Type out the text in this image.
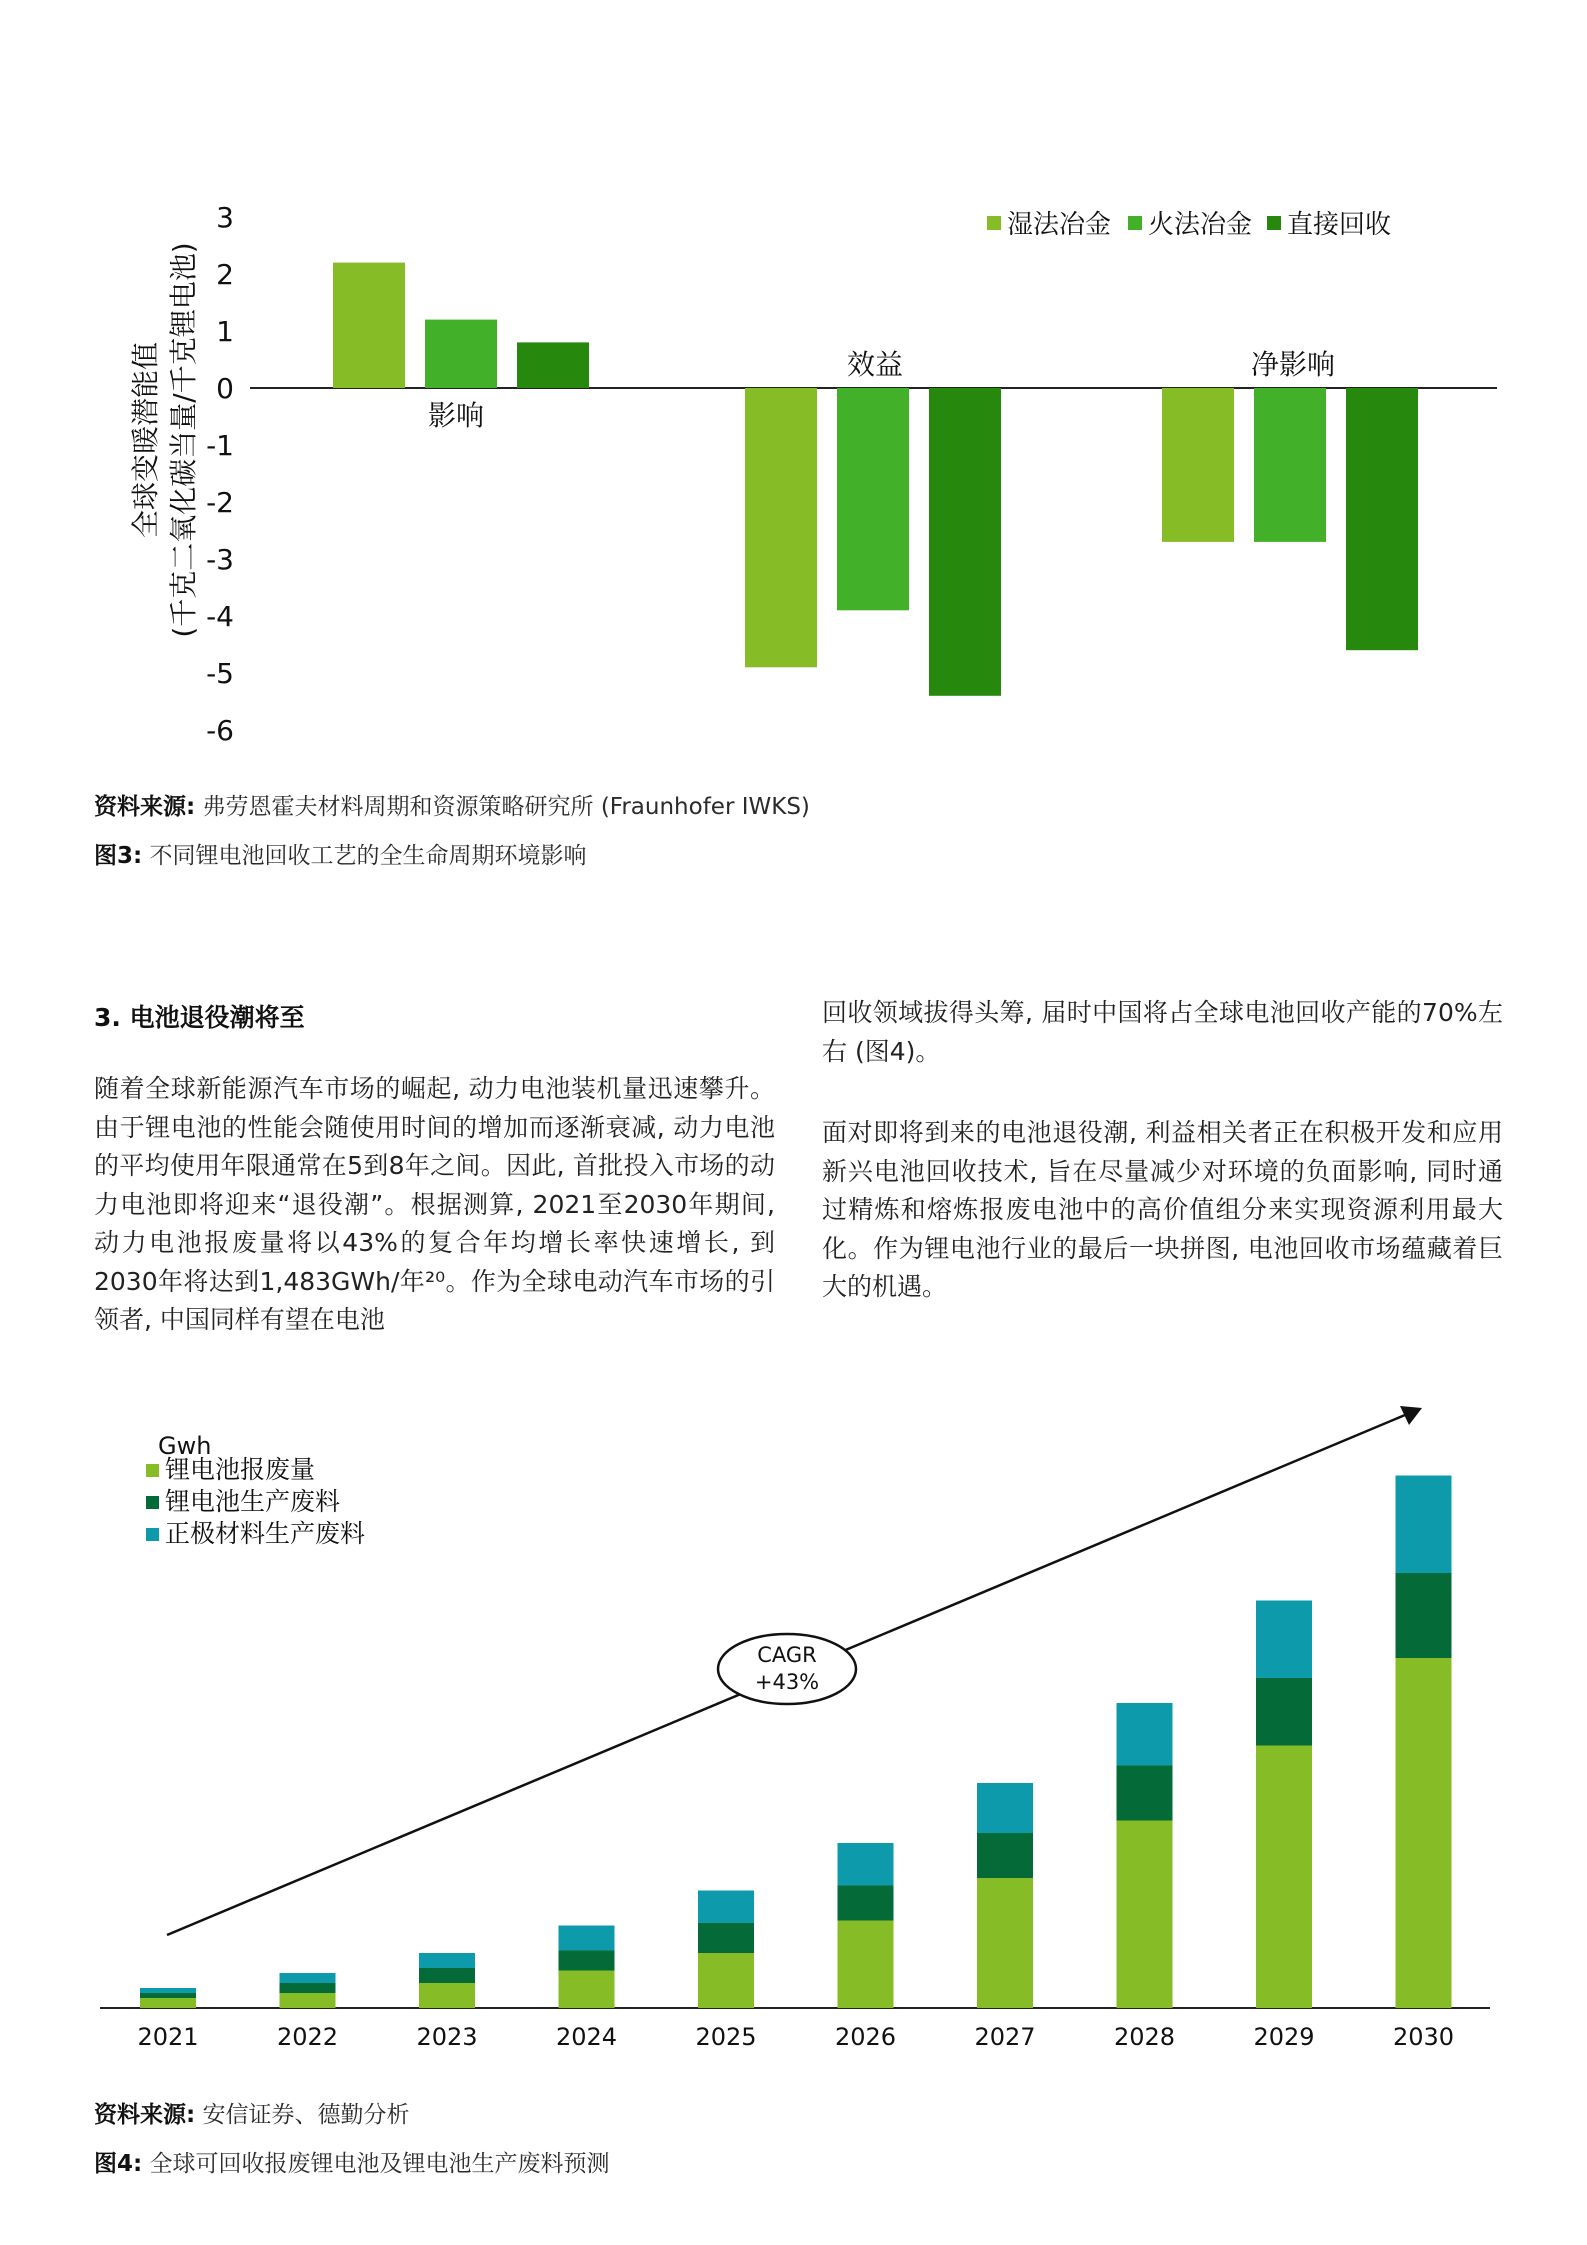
3
2
1
0
-1
-2
-3
-4
-5
-6
全球变暖潜能值 (千克二氧化碳当量/千克锂电池)	影响
效益	净影响
湿法冶金 火法冶金 直接回收
资料来源: 弗劳恩霍夫材料周期和资源策略研究所 (Fraunhofer IWKS)
图3: 不同锂电池回收工艺的全生命周期环境影响
3. 电池退役潮将至

随着全球新能源汽车市场的崛起, 动力电池装机量迅速攀升。由于锂电池的性能会随使用时间的增加而逐渐衰减, 动力电池的平均使用年限通常在5到8年之间。因此, 首批投入市场的动力电池即将迎来“退役潮”。根据测算, 2021至2030年期间, 动力电池报废量将以43%的复合年均增长率快速增长, 到2030年将达到1,483GWh/年²⁰。作为全球电动汽车市场的引领者, 中国同样有望在电池

回收领域拔得头筹, 届时中国将占全球电池回收产能的70%左右 (图4)。

面对即将到来的电池退役潮, 利益相关者正在积极开发和应用新兴电池回收技术, 旨在尽量减少对环境的负面影响, 同时通过精炼和熔炼报废电池中的高价值组分来实现资源利用最大化。作为锂电池行业的最后一块拼图, 电池回收市场蕴藏着巨大的机遇。

2021	2022	2023	2024	2025	2026	2027	2028	2029	2030
Gwh
锂电池报废量
锂电池生产废料
正极材料生产废料
CAGR
+43%
资料来源: 安信证券、德勤分析
图4: 全球可回收报废锂电池及锂电池生产废料预测
